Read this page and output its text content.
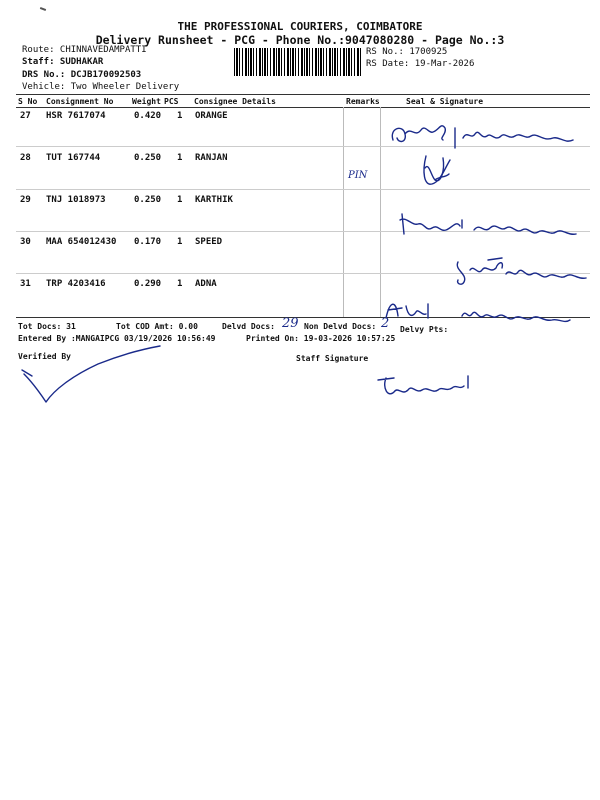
THE PROFESSIONAL COURIERS, COIMBATORE
Delivery Runsheet - PCG - Phone No.:9047080280 - Page No.:3
Route: CHINNAVEDAMPATTI
Staff: SUDHAKAR
DRS No.: DCJB170092503
Vehicle: Two Wheeler Delivery
RS No.: 1700925
RS Date: 19-Mar-2026
S No Consignment No Weight PCS Consignee Details	Remarks	Seal & Signature
27 HSR 7617074	0.420 1 ORANGE
28 TUT 167744	0.250 1 RANJAN
29 TNJ 1018973	0.250 1 KARTHIK
30 MAA 654012430 0.170 1 SPEED
31 TRP 4203416	0.290 1 ADNA
Tot Docs: 31	Tot COD Amt: 0.00	Delvd Docs: 29 Non Delvd Docs: 2 Delvy Pts:
Entered By :MANGAIPCG 03/19/2026 10:56:49	Printed On: 19-03-2026 10:57:25
Verified By	Staff Signature
PIN
